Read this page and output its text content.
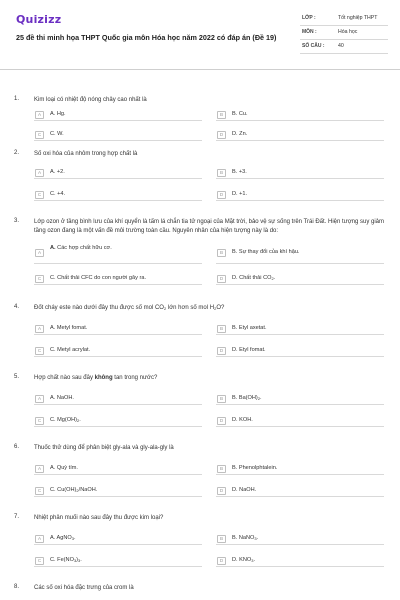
Quizizz
25 đề thi minh họa THPT Quốc gia môn Hóa học năm 2022 có đáp án (Đề 19)
LỚP :	Tốt nghiệp THPT
MÔN :	Hóa học
SỐ CÂU :	40
1. Kim loại có nhiệt độ nóng chảy cao nhất là
A	A. Hg.	B	B. Cu.
C	C. W.	D	D. Zn.
2. Số oxi hóa của nhôm trong hợp chất là
A	A. +2.	B	B. +3.
C	C. +4.	D	D. +1.
3. Lớp ozon ở tầng bình lưu của khí quyển là tấm lá chắn tia tử ngoại của Mặt trời, bảo vệ sự sống trên Trái Đất. Hiện tượng suy giảm tầng ozon đang là một vấn đề môi trường toàn cầu. Nguyên nhân của hiện tượng này là do:
A
A. Các hợp chất hữu cơ.
B	B. Sự thay đổi của khí hậu.
C	C. Chất thải CFC do con người gây ra.	D	D. Chất thải $CO_2$.
4. Đốt cháy este nào dưới đây thu được số mol $CO_2$ lớn hơn số mol $H_2O$?
A	A. Metyl fomat.	B	B. Etyl axetat.
C	C. Metyl acrylat.	D	D. Etyl fomat.
5. Hợp chất nào sau đây không tan trong nước?
A	A. NaOH.	B	B. $Ba(OH)_2$.
C	C. $Mg(OH)_2$.	D	D. KOH.
6. Thuốc thử dùng để phân biệt gly-ala và gly-ala-gly là
A	A. Quỳ tím.	B	B. Phenolphtalein.
C	C. $Cu(OH)_2$/NaOH.	D	D. NaOH.
7. Nhiệt phân muối nào sau đây thu được kim loại?
A	A. AgNO$_3$.	B	B. NaNO$_3$.
C	C. $Fe(NO_3)_3$.	D	D. $KNO_3$.
8. Các số oxi hóa đặc trưng của crom là
